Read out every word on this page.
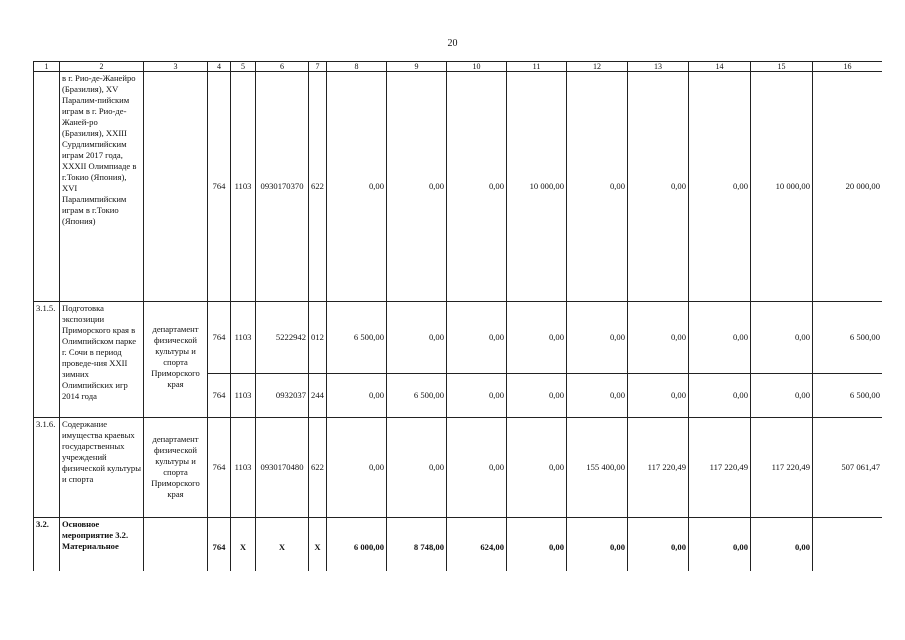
20
1	2	3	4	5	6	7	8	9	10	11	12	13	14	15	16
	в г. Рио-де-Жанейро (Бразилия), XV Паралим-пийским играм в г. Рио-де-Жаней-ро (Бразилия), XXIII Сурдлимпийским играм 2017 года, XXXII Олимпиаде в г.Токио (Япония), XVI Паралимпийским играм в г.Токио (Япония)		764	1103	0930170370	622	0,00	0,00	0,00	10 000,00	0,00	0,00	0,00	10 000,00	20 000,00
3.1.5.	Подготовка экспозиции Приморского края в Олимпийском парке г. Сочи в период проведе-ния XXII зимних Олимпийских игр 2014 года	департамент физической культуры и спорта Приморского края	764	1103	5222942	012	6 500,00	0,00	0,00	0,00	0,00	0,00	0,00	0,00	6 500,00
			764	1103	0932037	244	0,00	6 500,00	0,00	0,00	0,00	0,00	0,00	0,00	6 500,00
3.1.6.	Содержание имущества краевых государственных учреждений физической культуры и спорта	департамент физической культуры и спорта Приморского края	764	1103	0930170480	622	0,00	0,00	0,00	0,00	155 400,00	117 220,49	117 220,49	117 220,49	507 061,47
3.2.	Основное мероприятие 3.2. Материальное		764	X	X	X	6 000,00	8 748,00	624,00	0,00	0,00	0,00	0,00	0,00	
